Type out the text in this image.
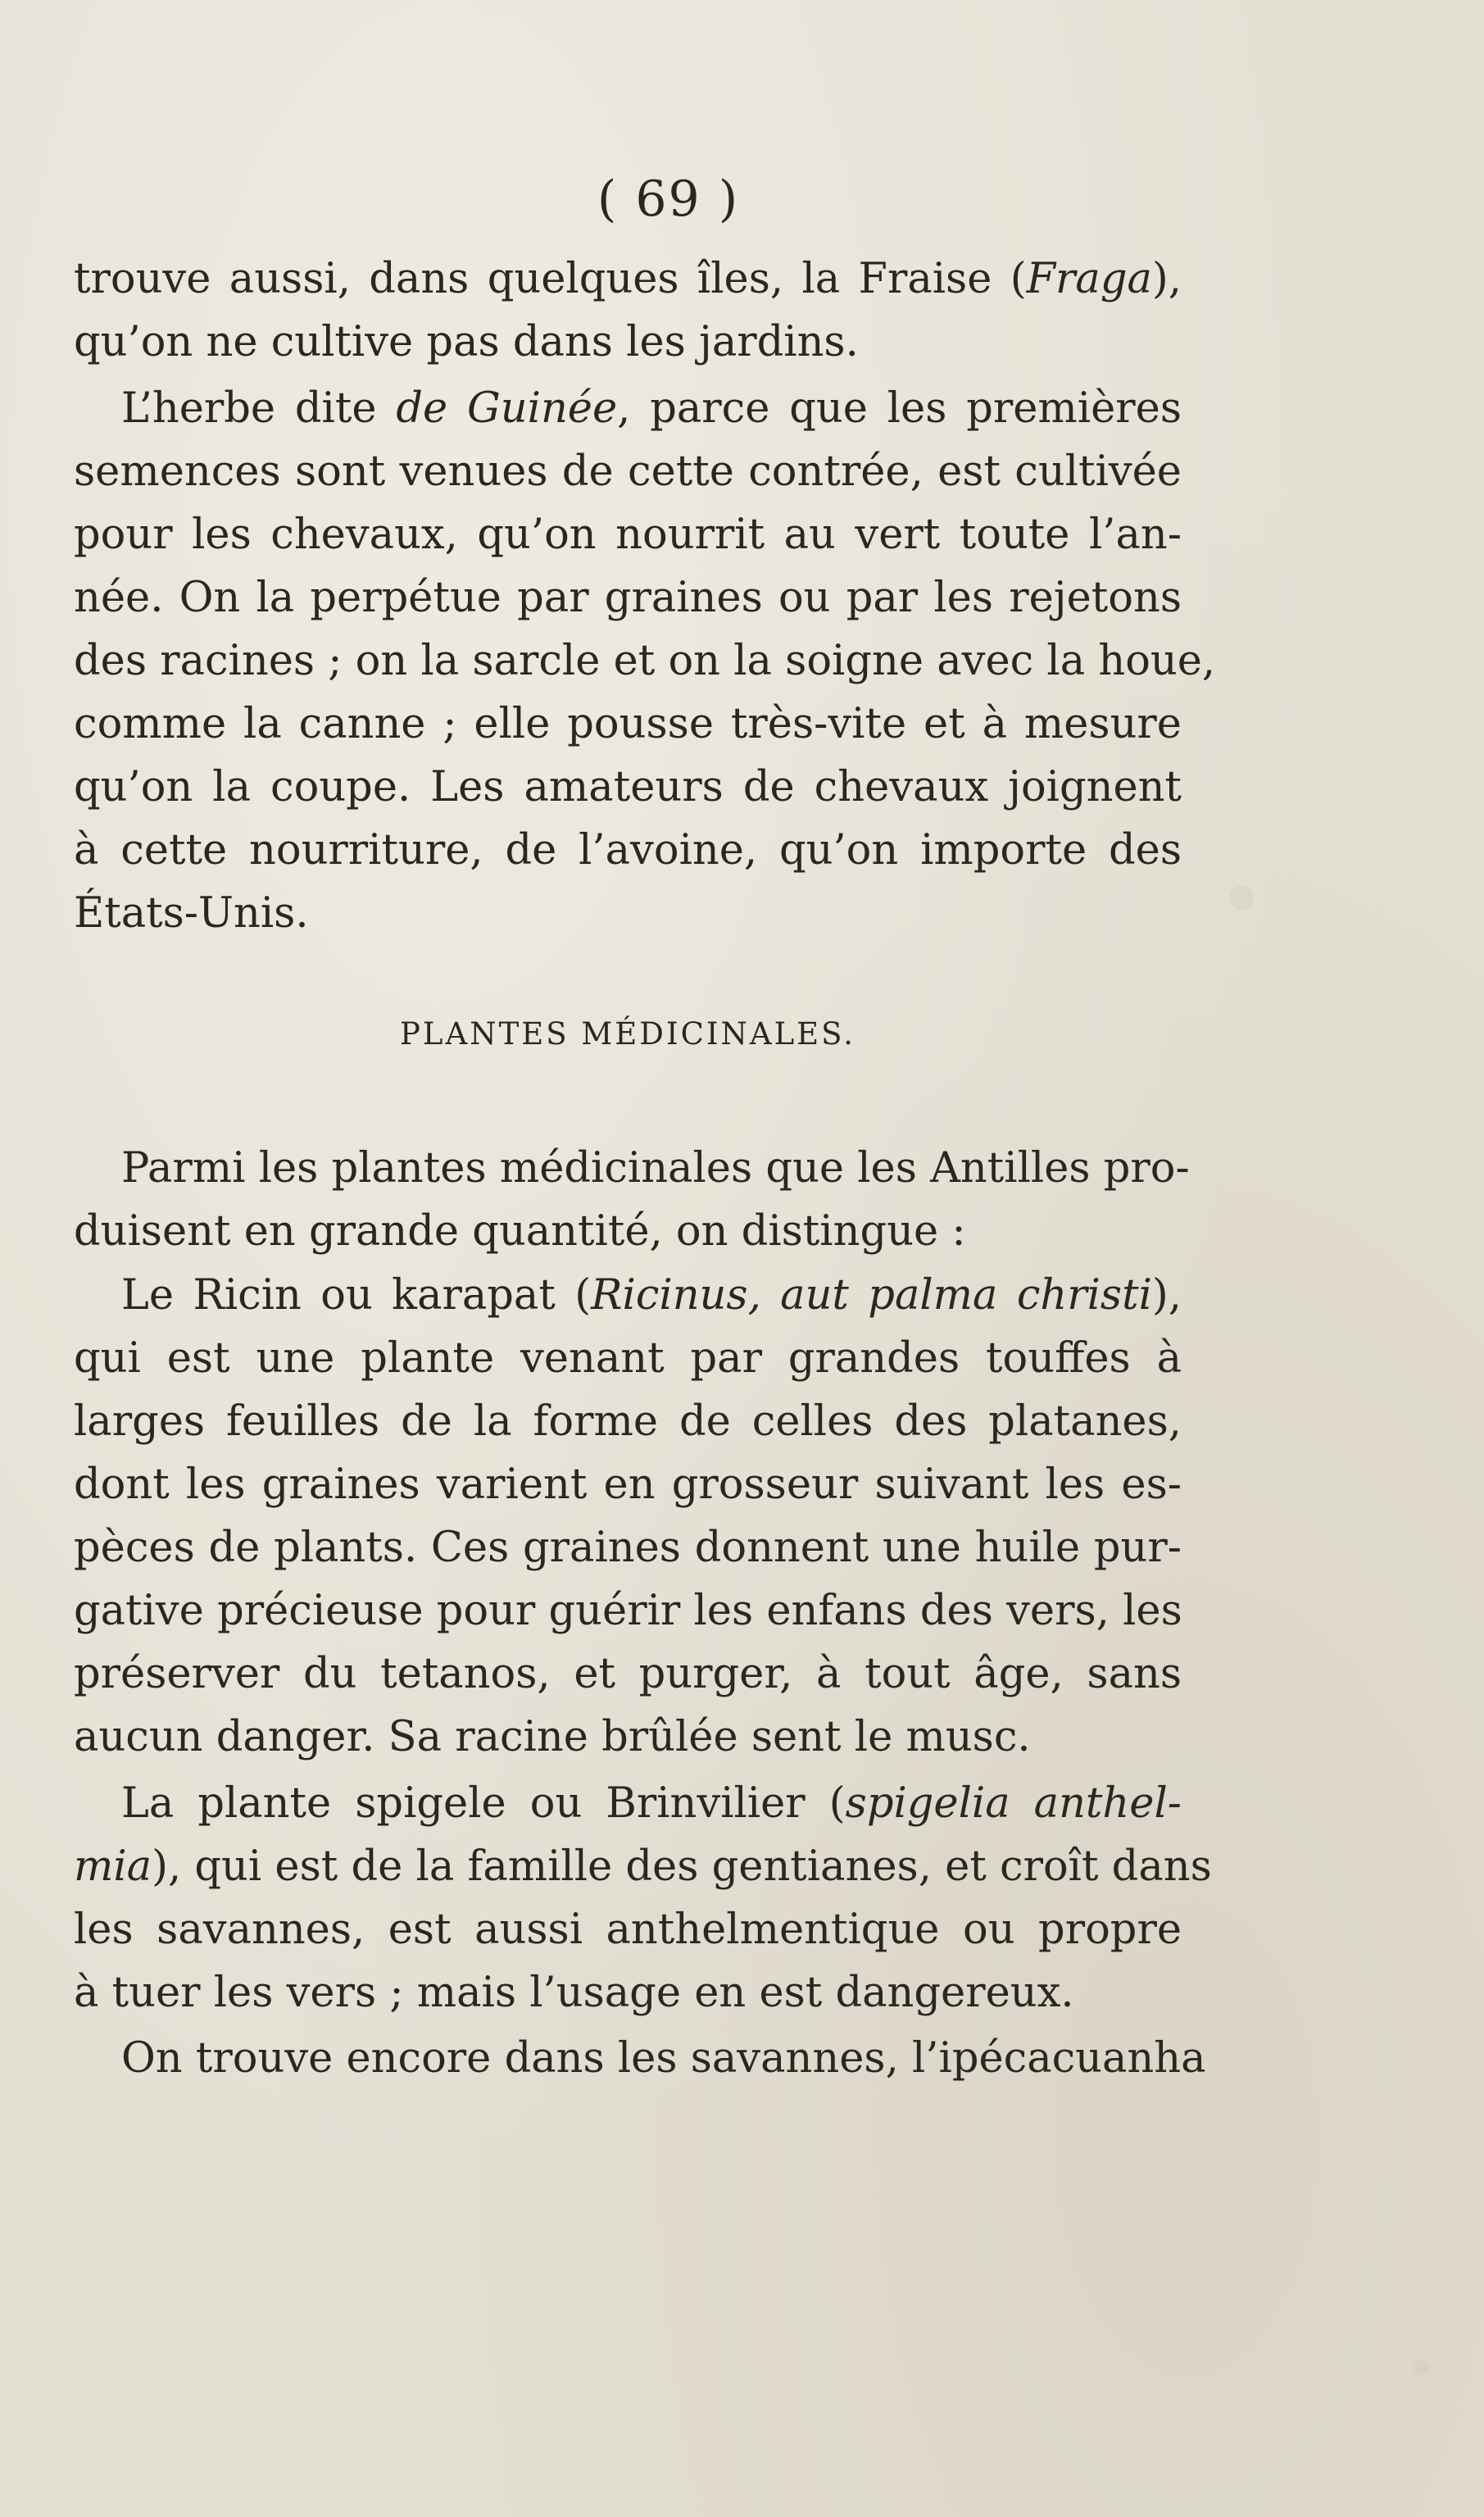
( 69 )
trouve aussi, dans quelques îles, la Fraise (Fraga),
qu’on ne cultive pas dans les jardins.
L’herbe dite de Guinée, parce que les premières
semences sont venues de cette contrée, est cultivée
pour les chevaux, qu’on nourrit au vert toute l’an-
née. On la perpétue par graines ou par les rejetons
des racines ; on la sarcle et on la soigne avec la houe,
comme la canne ; elle pousse très-vite et à mesure
qu’on la coupe. Les amateurs de chevaux joignent
à cette nourriture, de l’avoine, qu’on importe des
États-Unis.
PLANTES MÉDICINALES.
Parmi les plantes médicinales que les Antilles pro-
duisent en grande quantité, on distingue :
Le Ricin ou karapat (Ricinus, aut palma christi),
qui est une plante venant par grandes touffes à
larges feuilles de la forme de celles des platanes,
dont les graines varient en grosseur suivant les es-
pèces de plants. Ces graines donnent une huile pur-
gative précieuse pour guérir les enfans des vers, les
préserver du tetanos, et purger, à tout âge, sans
aucun danger. Sa racine brûlée sent le musc.
La plante spigele ou Brinvilier (spigelia anthel-
mia), qui est de la famille des gentianes, et croît dans
les savannes, est aussi anthelmentique ou propre
à tuer les vers ; mais l’usage en est dangereux.
On trouve encore dans les savannes, l’ipécacuanha
